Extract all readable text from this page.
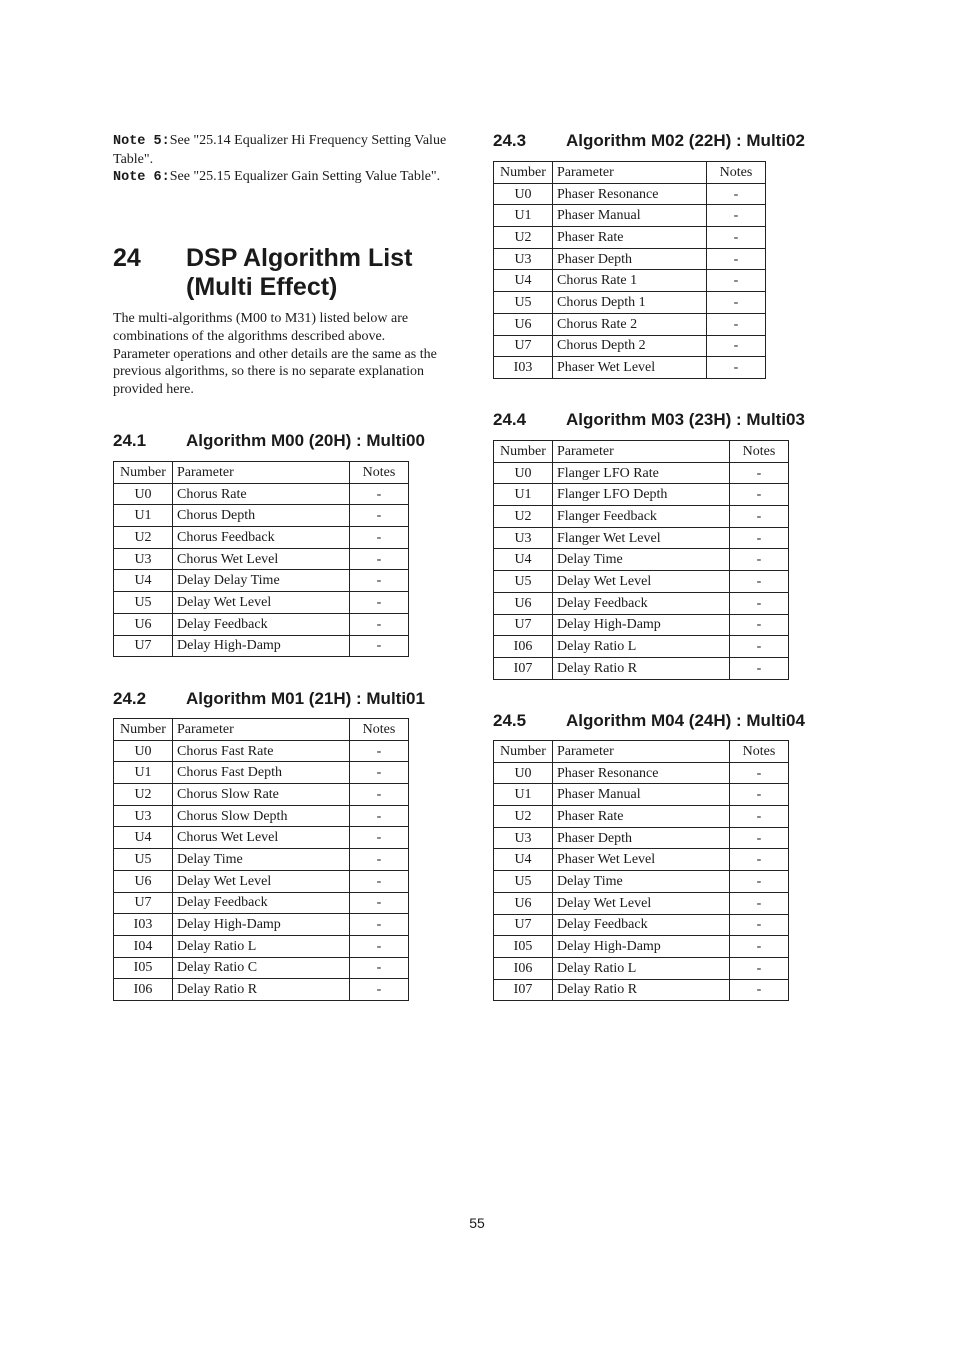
Note 5:See "25.14 Equalizer Hi Frequency Setting Value Table".
Note 6:See "25.15 Equalizer Gain Setting Value Table".
24	DSP Algorithm List (Multi Effect)

The multi-algorithms (M00 to M31) listed below are combinations of the algorithms described above. Parameter operations and other details are the same as the previous algorithms, so there is no separate explanation provided here.

24.1	Algorithm M00 (20H) : Multi00
Number	Parameter	Notes
U0	Chorus Rate	-
U1	Chorus Depth	-
U2	Chorus Feedback	-
U3	Chorus Wet Level	-
U4	Delay Delay Time	-
U5	Delay Wet Level	-
U6	Delay Feedback	-
U7	Delay High-Damp	-
24.2	Algorithm M01 (21H) : Multi01
Number	Parameter	Notes
U0	Chorus Fast Rate	-
U1	Chorus Fast Depth	-
U2	Chorus Slow Rate	-
U3	Chorus Slow Depth	-
U4	Chorus Wet Level	-
U5	Delay Time	-
U6	Delay Wet Level	-
U7	Delay Feedback	-
I03	Delay High-Damp	-
I04	Delay Ratio L	-
I05	Delay Ratio C	-
I06	Delay Ratio R	-
24.3	Algorithm M02 (22H) : Multi02
Number	Parameter	Notes
U0	Phaser Resonance	-
U1	Phaser Manual	-
U2	Phaser Rate	-
U3	Phaser Depth	-
U4	Chorus Rate 1	-
U5	Chorus Depth 1	-
U6	Chorus Rate 2	-
U7	Chorus Depth 2	-
I03	Phaser Wet Level	-
24.4	Algorithm M03 (23H) : Multi03
Number	Parameter	Notes
U0	Flanger LFO Rate	-
U1	Flanger LFO Depth	-
U2	Flanger Feedback	-
U3	Flanger Wet Level	-
U4	Delay Time	-
U5	Delay Wet Level	-
U6	Delay Feedback	-
U7	Delay High-Damp	-
I06	Delay Ratio L	-
I07	Delay Ratio R	-
24.5	Algorithm M04 (24H) : Multi04
Number	Parameter	Notes
U0	Phaser Resonance	-
U1	Phaser Manual	-
U2	Phaser Rate	-
U3	Phaser Depth	-
U4	Phaser Wet Level	-
U5	Delay Time	-
U6	Delay Wet Level	-
U7	Delay Feedback	-
I05	Delay High-Damp	-
I06	Delay Ratio L	-
I07	Delay Ratio R	-
55
